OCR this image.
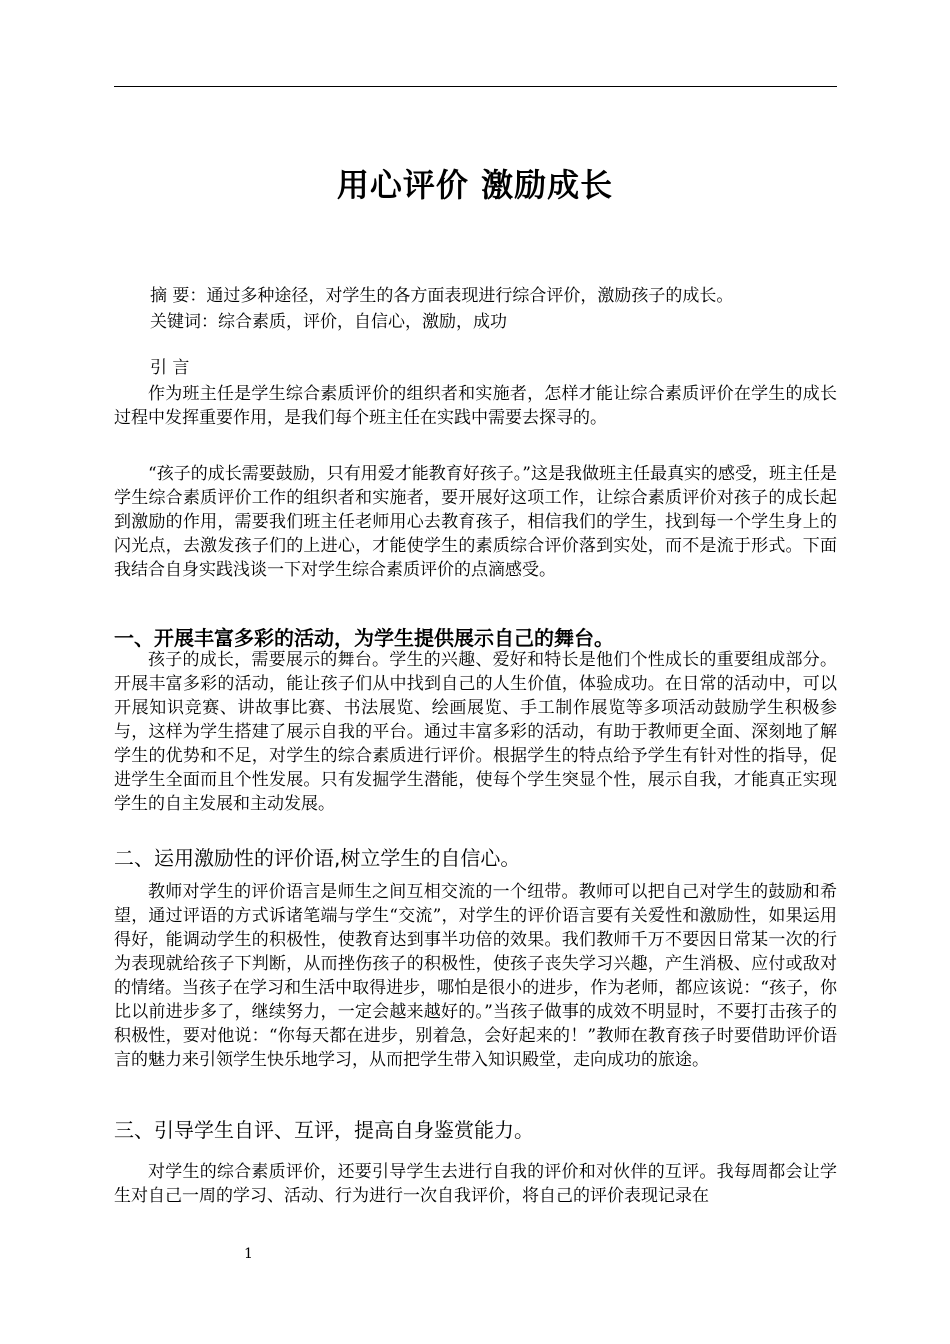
用心评价 激励成长
摘 要：通过多种途径，对学生的各方面表现进行综合评价，激励孩子的成长。
关键词：综合素质，评价，自信心，激励，成功
引 言

作为班主任是学生综合素质评价的组织者和实施者，怎样才能让综合素质评价在学生的成长过程中发挥重要作用，是我们每个班主任在实践中需要去探寻的。

“孩子的成长需要鼓励，只有用爱才能教育好孩子。”这是我做班主任最真实的感受，班主任是学生综合素质评价工作的组织者和实施者，要开展好这项工作，让综合素质评价对孩子的成长起到激励的作用，需要我们班主任老师用心去教育孩子，相信我们的学生，找到每一个学生身上的闪光点，去激发孩子们的上进心，才能使学生的素质综合评价落到实处，而不是流于形式。下面我结合自身实践浅谈一下对学生综合素质评价的点滴感受。

一、开展丰富多彩的活动，为学生提供展示自己的舞台。

孩子的成长，需要展示的舞台。学生的兴趣、爱好和特长是他们个性成长的重要组成部分。开展丰富多彩的活动，能让孩子们从中找到自己的人生价值，体验成功。在日常的活动中，可以开展知识竞赛、讲故事比赛、书法展览、绘画展览、手工制作展览等多项活动鼓励学生积极参与，这样为学生搭建了展示自我的平台。通过丰富多彩的活动，有助于教师更全面、深刻地了解学生的优势和不足，对学生的综合素质进行评价。根据学生的特点给予学生有针对性的指导，促进学生全面而且个性发展。只有发掘学生潜能，使每个学生突显个性，展示自我，才能真正实现学生的自主发展和主动发展。

二、运用激励性的评价语,树立学生的自信心。

教师对学生的评价语言是师生之间互相交流的一个纽带。教师可以把自己对学生的鼓励和希望，通过评语的方式诉诸笔端与学生“交流”，对学生的评价语言要有关爱性和激励性，如果运用得好，能调动学生的积极性，使教育达到事半功倍的效果。我们教师千万不要因日常某一次的行为表现就给孩子下判断，从而挫伤孩子的积极性，使孩子丧失学习兴趣，产生消极、应付或敌对的情绪。当孩子在学习和生活中取得进步，哪怕是很小的进步，作为老师，都应该说：“孩子，你比以前进步多了，继续努力，一定会越来越好的。”当孩子做事的成效不明显时，不要打击孩子的积极性，要对他说：“你每天都在进步，别着急，会好起来的！”教师在教育孩子时要借助评价语言的魅力来引领学生快乐地学习，从而把学生带入知识殿堂，走向成功的旅途。

三、引导学生自评、互评，提高自身鉴赏能力。

对学生的综合素质评价，还要引导学生去进行自我的评价和对伙伴的互评。我每周都会让学生对自己一周的学习、活动、行为进行一次自我评价，将自己的评价表现记录在

1
